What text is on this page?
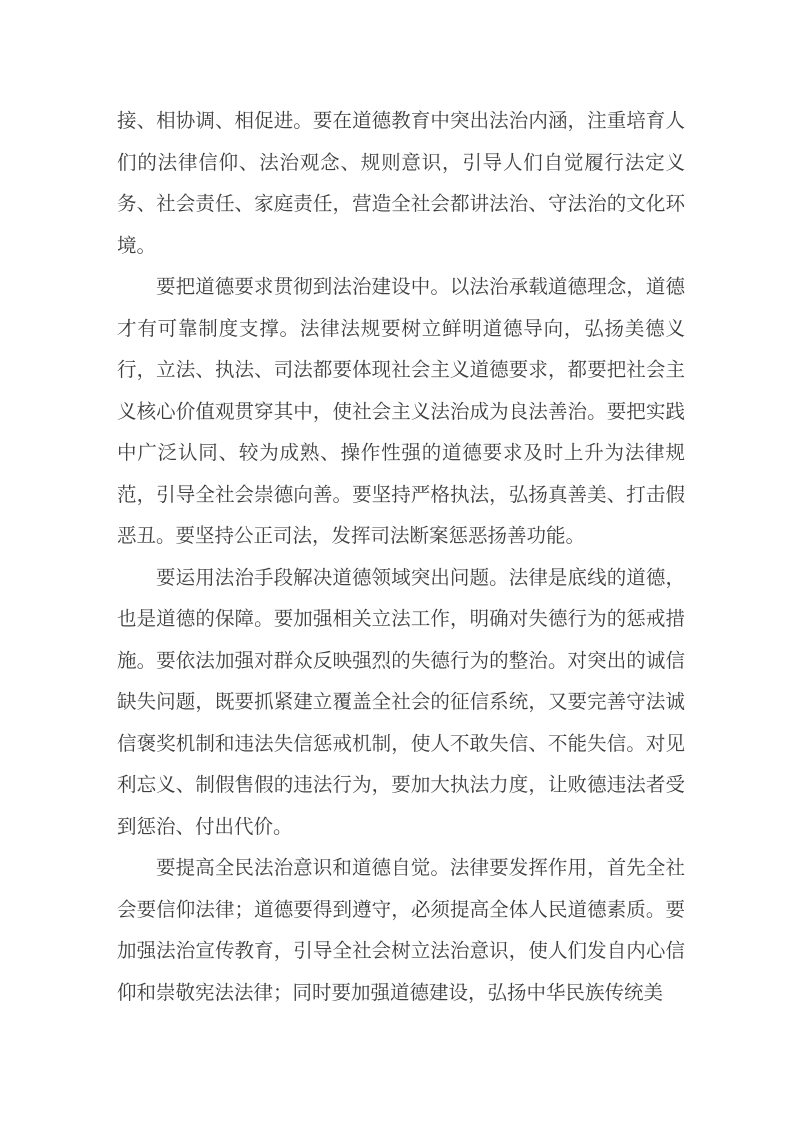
接、相协调、相促进。要在道德教育中突出法治内涵，注重培育人
们的法律信仰、法治观念、规则意识，引导人们自觉履行法定义
务、社会责任、家庭责任，营造全社会都讲法治、守法治的文化环
境。
要把道德要求贯彻到法治建设中。以法治承载道德理念，道德
才有可靠制度支撑。法律法规要树立鲜明道德导向，弘扬美德义
行，立法、执法、司法都要体现社会主义道德要求，都要把社会主
义核心价值观贯穿其中，使社会主义法治成为良法善治。要把实践
中广泛认同、较为成熟、操作性强的道德要求及时上升为法律规
范，引导全社会崇德向善。要坚持严格执法，弘扬真善美、打击假
恶丑。要坚持公正司法，发挥司法断案惩恶扬善功能。
要运用法治手段解决道德领域突出问题。法律是底线的道德，
也是道德的保障。要加强相关立法工作，明确对失德行为的惩戒措
施。要依法加强对群众反映强烈的失德行为的整治。对突出的诚信
缺失问题，既要抓紧建立覆盖全社会的征信系统，又要完善守法诚
信褒奖机制和违法失信惩戒机制，使人不敢失信、不能失信。对见
利忘义、制假售假的违法行为，要加大执法力度，让败德违法者受
到惩治、付出代价。
要提高全民法治意识和道德自觉。法律要发挥作用，首先全社
会要信仰法律；道德要得到遵守，必须提高全体人民道德素质。要
加强法治宣传教育，引导全社会树立法治意识，使人们发自内心信
仰和崇敬宪法法律；同时要加强道德建设，弘扬中华民族传统美
